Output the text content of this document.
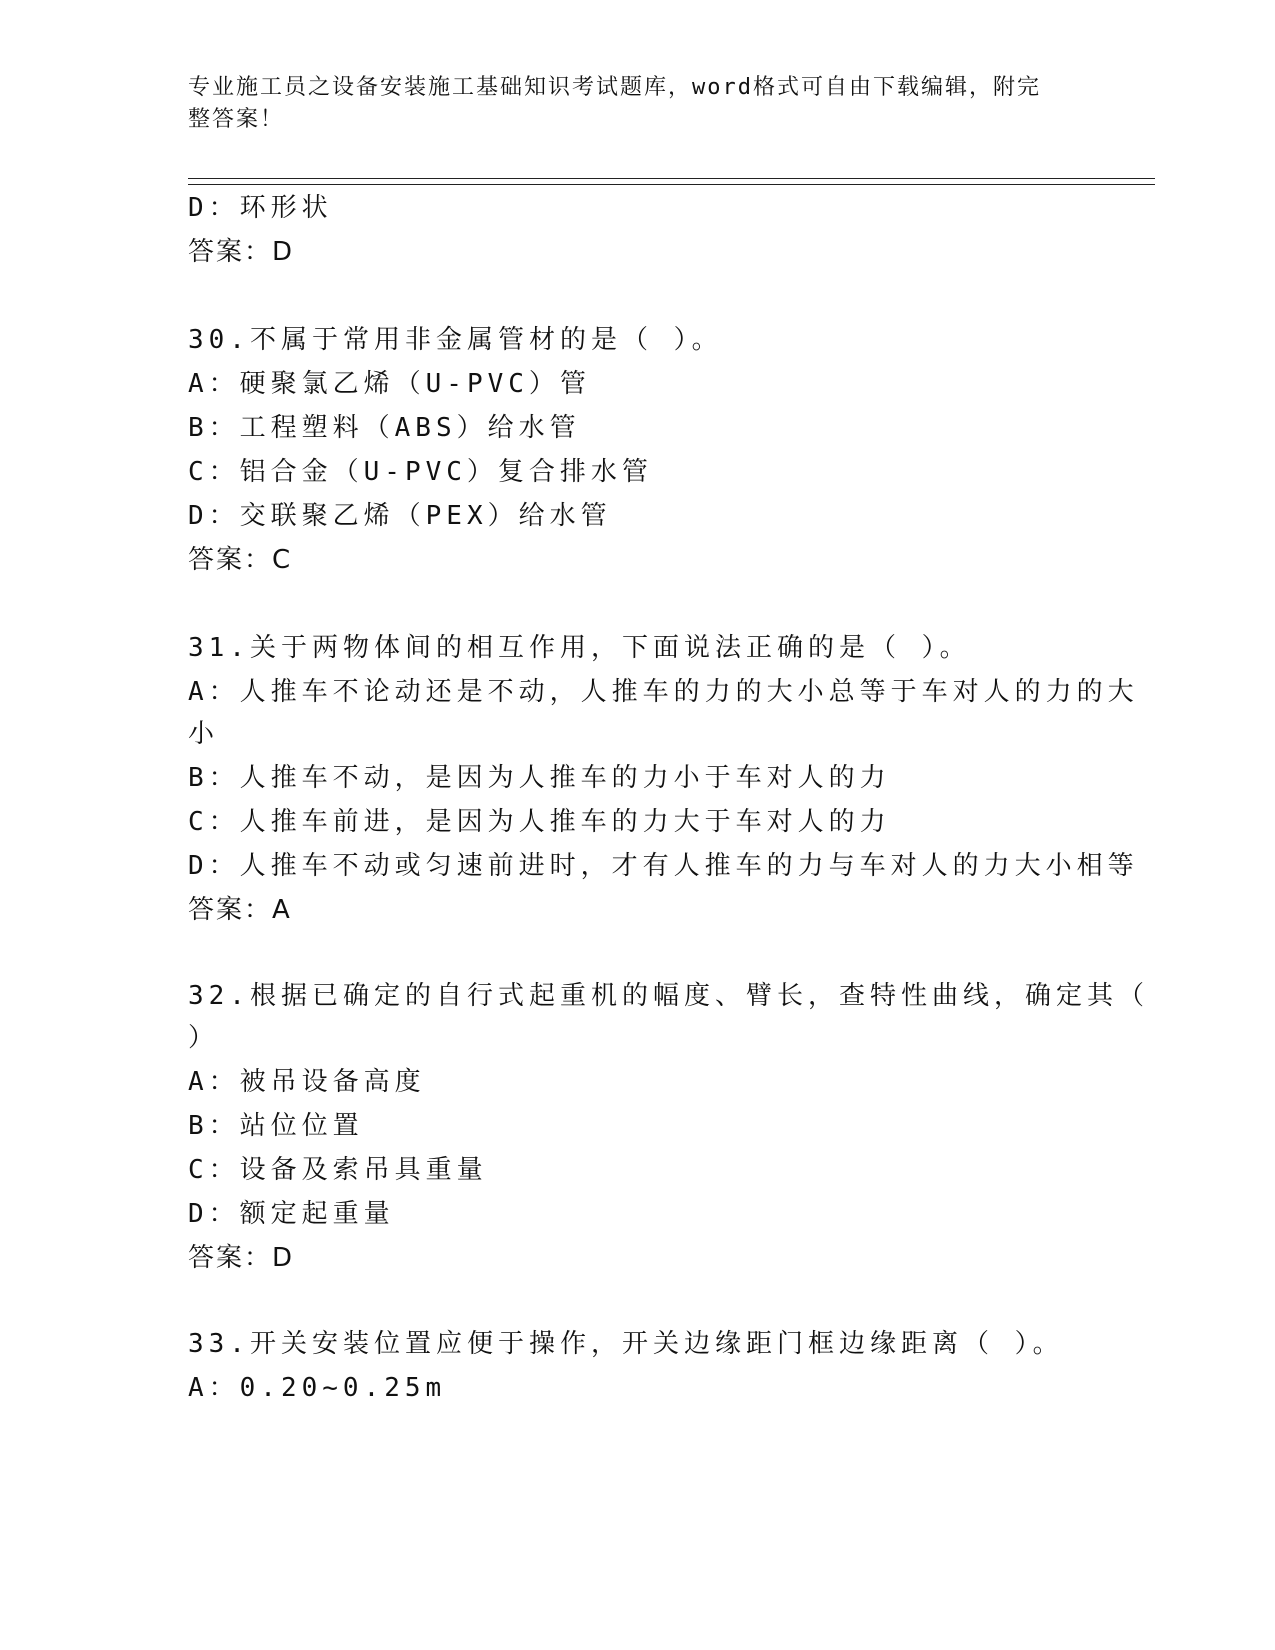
专业施工员之设备安装施工基础知识考试题库，word格式可自由下载编辑，附完
整答案！
D：环形状
答案：D
30.不属于常用非金属管材的是（ ）。
A：硬聚氯乙烯（U-PVC）管
B：工程塑料（ABS）给水管
C：铝合金（U-PVC）复合排水管
D：交联聚乙烯（PEX）给水管
答案：C
31.关于两物体间的相互作用，下面说法正确的是（ ）。
A：人推车不论动还是不动，人推车的力的大小总等于车对人的力的大
小
B：人推车不动，是因为人推车的力小于车对人的力
C：人推车前进，是因为人推车的力大于车对人的力
D：人推车不动或匀速前进时，才有人推车的力与车对人的力大小相等
答案：A
32.根据已确定的自行式起重机的幅度、臂长，查特性曲线，确定其（
）
A：被吊设备高度
B：站位位置
C：设备及索吊具重量
D：额定起重量
答案：D
33.开关安装位置应便于操作，开关边缘距门框边缘距离（ ）。
A：0.20~0.25m
